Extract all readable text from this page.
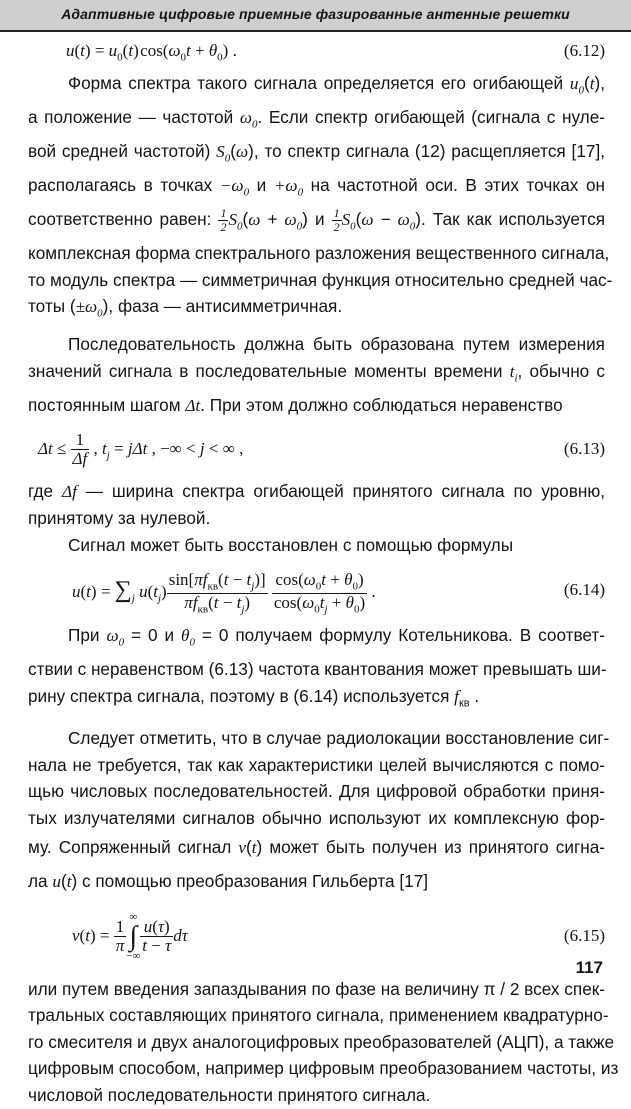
Адаптивные цифровые приемные фазированные антенные решетки
$u(t) = u_0(t)$ $\cos(\omega_0t + \theta_0)$ .	(6.12)
Форма спектра такого сигнала определяется его огибающей $u_0(t)$,
а положение — частотой $\omega_0$. Если спектр огибающей (сигнала с нуле-
вой средней частотой) $S_0(\omega)$, то спектр сигнала (12) расщепляется [17],
располагаясь в точках $-\omega_0$ $и +\omega_0$ на частотной оси. В этих точках он
соответственно равен: $\frac{1}{2} S_0(\omega + \omega_0)$ и $\frac{1}{2} S_0(\omega - \omega_0)$. Так как используется
комплексная форма спектрального разложения вещественного сигнала,
то модуль спектра — симметричная функция относительно средней час-
тоты $(\pm\omega_0)$, фаза — антисимметричная.
Последовательность должна быть образована путем измерения
значений сигнала в последовательные моменты времени $t_i$, обычно с
постоянным шагом Δt. При этом должно соблюдаться неравенство
$\Delta t \le \frac{1}{\Delta f}$ , $t_j = j\Delta t$ , −∞ < j < ∞ ,	(6.13)
где Δf — ширина спектра огибающей принятого сигнала по уровню,
принятому за нулевой.
Сигнал может быть восстановлен с помощью формулы
$u(t) = \sum_j$ $u(t_j) \frac{\sin[\pi f_{кв}(t - t_j)]}{\pi f_{кв}(t - t_j)}$
$\frac{\cos(\omega_0t + \theta_0)}{\cos(\omega_0t_j + \theta_0)}$ .	(6.14)
При $\omega_0 = 0$ и $\theta_0 = 0$ получаем формулу Котельникова. В соответ-
ствии с неравенством (6.13) частота квантования может превышать ши-
рину спектра сигнала, поэтому в (6.14) используется $f_{кв}$ .
Следует отметить, что в случае радиолокации восстановление сиг-
нала не требуется, так как характеристики целей вычисляются с помо-
щью числовых последовательностей. Для цифровой обработки приня-
тых излучателями сигналов обычно используют их комплексную фор-
му. Сопряженный сигнал v(t) может быть получен из принятого сигна-
ла u(t) с помощью преобразования Гильберта [17]
$v(t) = \frac{1}{\pi}$
∞
∫
−∞ $\frac{u(\tau)}{t - \tau}$ dτ	(6.15)
или путем введения запаздывания по фазе на величину π / 2 всех спек-
тральных составляющих принятого сигнала, применением квадратурно-
го смесителя и двух аналогоцифровых преобразователей (АЦП), а также
цифровым способом, например цифровым преобразованием частоты, из
числовой последовательности принятого сигнала.
117
